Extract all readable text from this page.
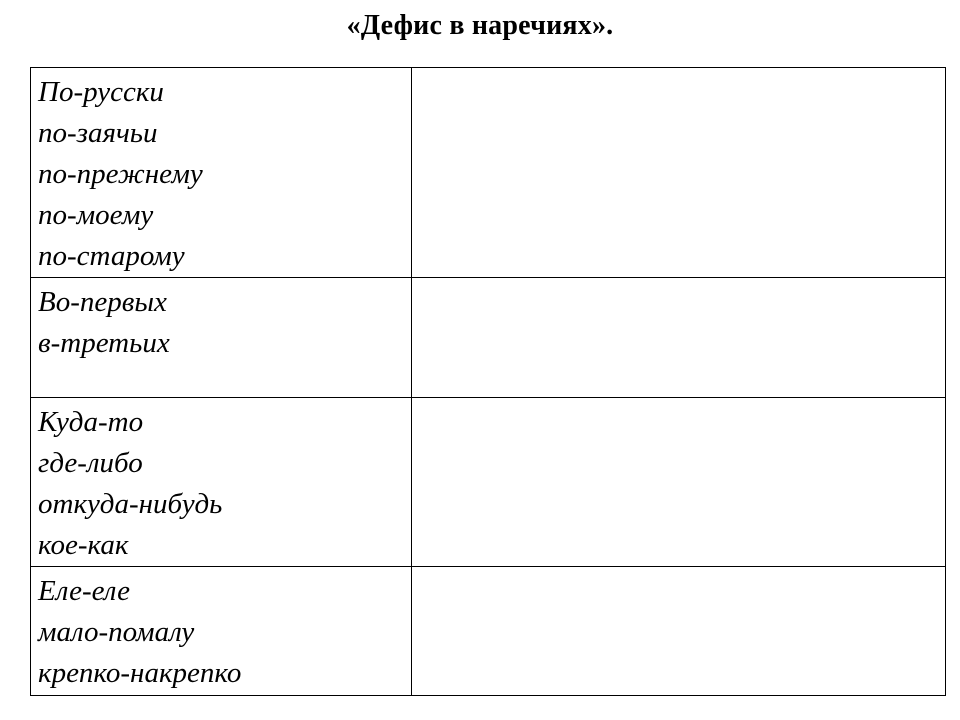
«Дефис в наречиях».
По-русски
по-заячьи
по-прежнему
по-моему
по-старому	

Во-первых
в-третьих	

Куда-то
где-либо
откуда-нибудь
кое-как	

Еле-еле
мало-помалу
крепко-накрепко	
